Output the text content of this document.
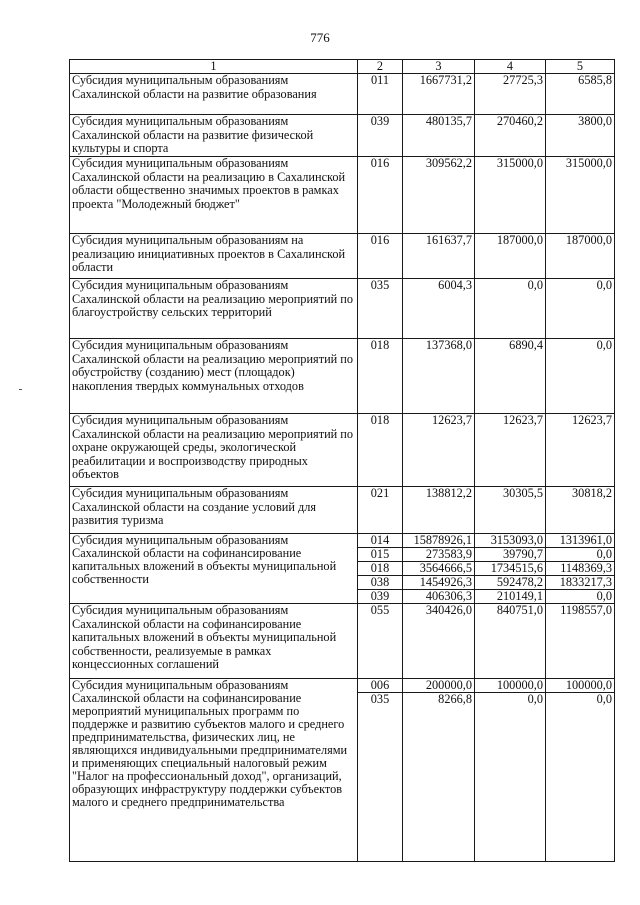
776
1	2	3	4	5
Субсидия муниципальным образованиям Сахалинской области на развитие образования	011	1667731,2	27725,3	6585,8
Субсидия муниципальным образованиям Сахалинской области на развитие физической культуры и спорта	039	480135,7	270460,2	3800,0
Субсидия муниципальным образованиям Сахалинской области на реализацию в Сахалинской области общественно значимых проектов в рамках проекта "Молодежный бюджет"	016	309562,2	315000,0	315000,0
Субсидия муниципальным образованиям на реализацию инициативных проектов в Сахалинской области	016	161637,7	187000,0	187000,0
Субсидия муниципальным образованиям Сахалинской области на реализацию мероприятий по благоустройству сельских территорий	035	6004,3	0,0	0,0
Субсидия муниципальным образованиям Сахалинской области на реализацию мероприятий по обустройству (созданию) мест (площадок) накопления твердых коммунальных отходов	018	137368,0	6890,4	0,0
Субсидия муниципальным образованиям Сахалинской области на реализацию мероприятий по охране окружающей среды, экологической реабилитации и воспроизводству природных объектов	018	12623,7	12623,7	12623,7
Субсидия муниципальным образованиям Сахалинской области на создание условий для развития туризма	021	138812,2	30305,5	30818,2
Субсидия муниципальным образованиям Сахалинской области на софинансирование капитальных вложений в объекты муниципальной собственности	014	15878926,1	3153093,0	1313961,0
	015	273583,9	39790,7	0,0
	018	3564666,5	1734515,6	1148369,3
	038	1454926,3	592478,2	1833217,3
	039	406306,3	210149,1	0,0
Субсидия муниципальным образованиям Сахалинской области на софинансирование капитальных вложений в объекты муниципальной собственности, реализуемые в рамках концессионных соглашений	055	340426,0	840751,0	1198557,0
Субсидия муниципальным образованиям Сахалинской области на софинансирование мероприятий муниципальных программ по поддержке и развитию субъектов малого и среднего предпринимательства, физических лиц, не являющихся индивидуальными предпринимателями и применяющих специальный налоговый режим "Налог на профессиональный доход", организаций, образующих инфраструктуру поддержки субъектов малого и среднего предпринимательства	006	200000,0	100000,0	100000,0
	035	8266,8	0,0	0,0
